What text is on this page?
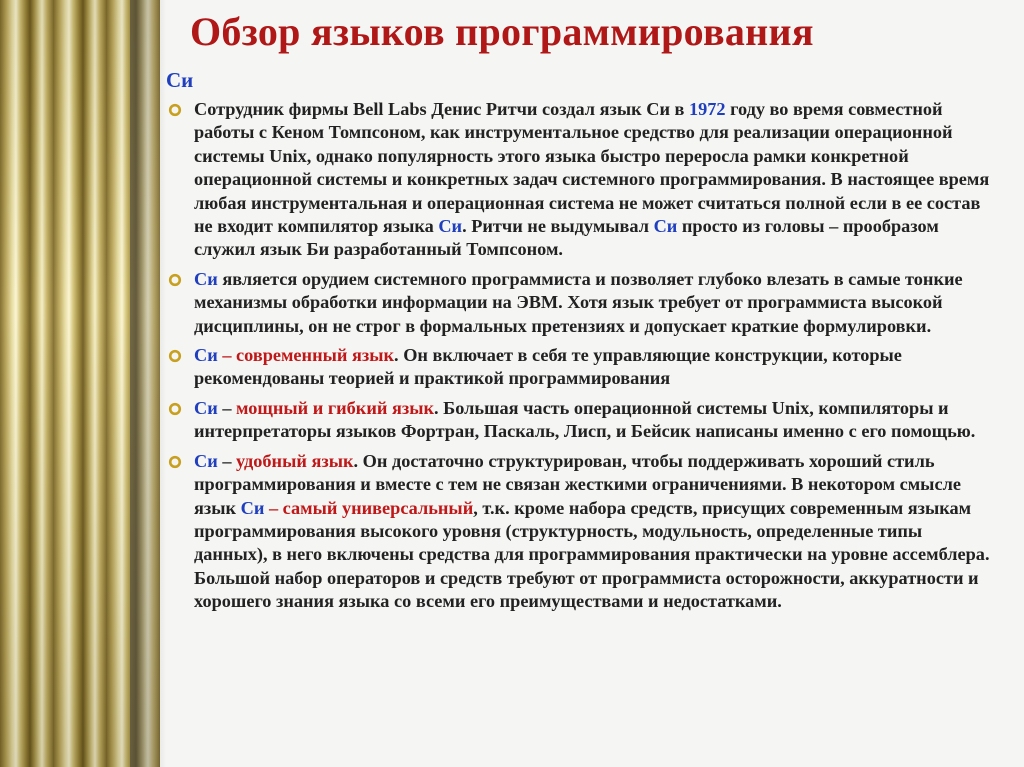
Обзор языков программирования
Си
Сотрудник фирмы Bell Labs Денис Ритчи создал язык Си в 1972 году во время совместной работы с Кеном Томпсоном, как инструментальное средство для реализации операционной системы Unix, однако популярность этого языка быстро переросла рамки конкретной операционной системы и конкретных задач системного программирования. В настоящее время любая инструментальная и операционная система не может считаться полной если в ее состав не входит компилятор языка Си. Ритчи не выдумывал Си просто из головы – прообразом служил язык Би разработанный Томпсоном.
Си является орудием системного программиста и позволяет глубоко влезать в самые тонкие механизмы обработки информации на ЭВМ. Хотя язык требует от программиста высокой дисциплины, он не строг в формальных претензиях и допускает краткие формулировки.
Си – современный язык. Он включает в себя те управляющие конструкции, которые рекомендованы теорией и практикой программирования
Си – мощный и гибкий язык. Большая часть операционной системы Unix, компиляторы и интерпретаторы языков Фортран, Паскаль, Лисп, и Бейсик написаны именно с его помощью.
Си – удобный язык. Он достаточно структурирован, чтобы поддерживать хороший стиль программирования и вместе с тем не связан жесткими ограничениями. В некотором смысле язык Си – самый универсальный, т.к. кроме набора средств, присущих современным языкам программирования высокого уровня (структурность, модульность, определенные типы данных), в него включены средства для программирования практически на уровне ассемблера. Большой набор операторов и средств требуют от программиста осторожности, аккуратности и хорошего знания языка со всеми его преимуществами и недостатками.
